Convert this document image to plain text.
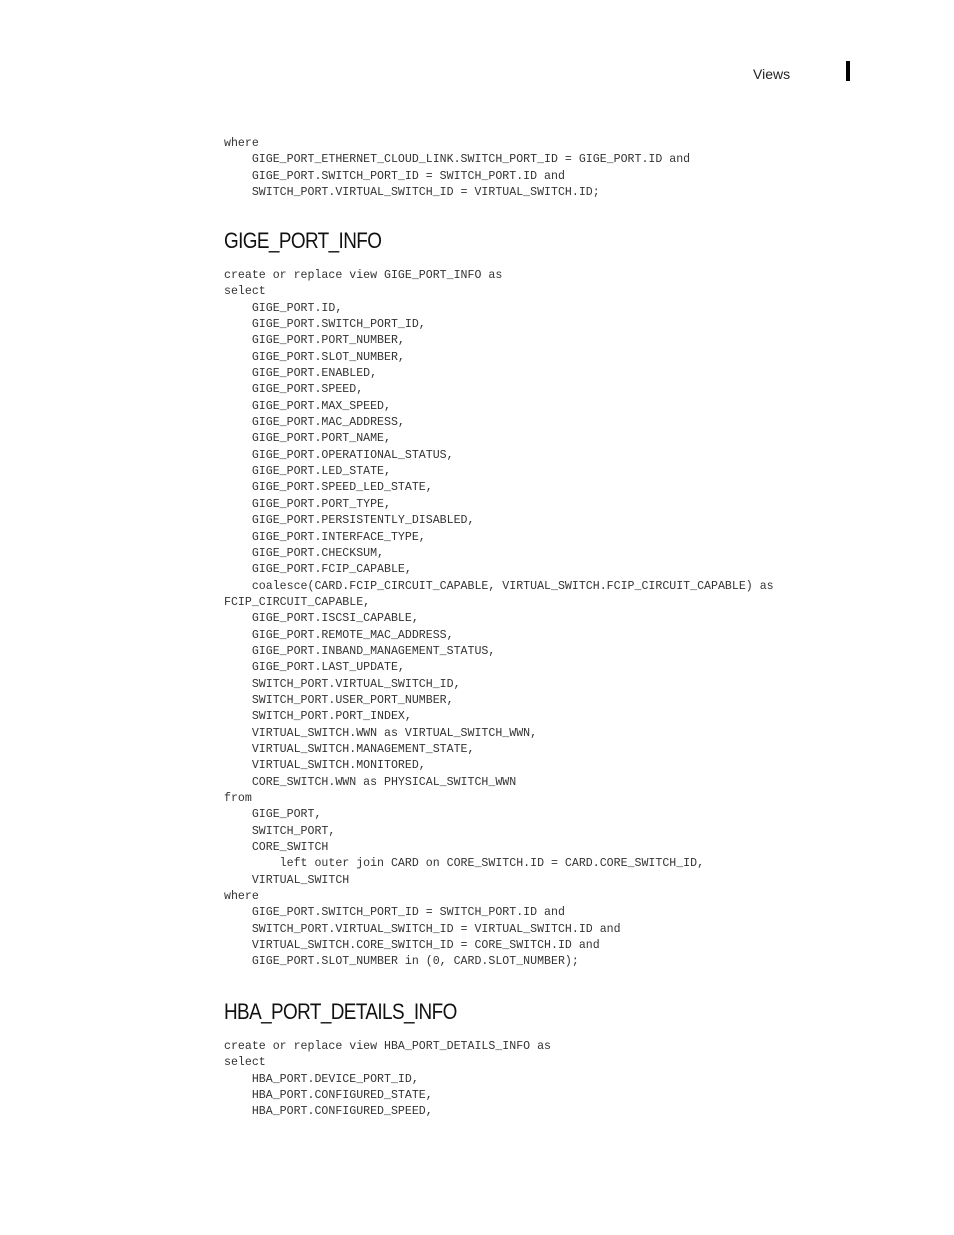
Views
where
GIGE_PORT_ETHERNET_CLOUD_LINK.SWITCH_PORT_ID = GIGE_PORT.ID and
GIGE_PORT.SWITCH_PORT_ID = SWITCH_PORT.ID and
SWITCH_PORT.VIRTUAL_SWITCH_ID = VIRTUAL_SWITCH.ID;
GIGE_PORT_INFO
create or replace view GIGE_PORT_INFO as
select
GIGE_PORT.ID,
GIGE_PORT.SWITCH_PORT_ID,
GIGE_PORT.PORT_NUMBER,
GIGE_PORT.SLOT_NUMBER,
GIGE_PORT.ENABLED,
GIGE_PORT.SPEED,
GIGE_PORT.MAX_SPEED,
GIGE_PORT.MAC_ADDRESS,
GIGE_PORT.PORT_NAME,
GIGE_PORT.OPERATIONAL_STATUS,
GIGE_PORT.LED_STATE,
GIGE_PORT.SPEED_LED_STATE,
GIGE_PORT.PORT_TYPE,
GIGE_PORT.PERSISTENTLY_DISABLED,
GIGE_PORT.INTERFACE_TYPE,
GIGE_PORT.CHECKSUM,
GIGE_PORT.FCIP_CAPABLE,
coalesce(CARD.FCIP_CIRCUIT_CAPABLE, VIRTUAL_SWITCH.FCIP_CIRCUIT_CAPABLE) as
FCIP_CIRCUIT_CAPABLE,
GIGE_PORT.ISCSI_CAPABLE,
GIGE_PORT.REMOTE_MAC_ADDRESS,
GIGE_PORT.INBAND_MANAGEMENT_STATUS,
GIGE_PORT.LAST_UPDATE,
SWITCH_PORT.VIRTUAL_SWITCH_ID,
SWITCH_PORT.USER_PORT_NUMBER,
SWITCH_PORT.PORT_INDEX,
VIRTUAL_SWITCH.WWN as VIRTUAL_SWITCH_WWN,
VIRTUAL_SWITCH.MANAGEMENT_STATE,
VIRTUAL_SWITCH.MONITORED,
CORE_SWITCH.WWN as PHYSICAL_SWITCH_WWN
from
GIGE_PORT,
SWITCH_PORT,
CORE_SWITCH
left outer join CARD on CORE_SWITCH.ID = CARD.CORE_SWITCH_ID,
VIRTUAL_SWITCH
where
GIGE_PORT.SWITCH_PORT_ID = SWITCH_PORT.ID and
SWITCH_PORT.VIRTUAL_SWITCH_ID = VIRTUAL_SWITCH.ID and
VIRTUAL_SWITCH.CORE_SWITCH_ID = CORE_SWITCH.ID and
GIGE_PORT.SLOT_NUMBER in (0, CARD.SLOT_NUMBER);
HBA_PORT_DETAILS_INFO
create or replace view HBA_PORT_DETAILS_INFO as
select
HBA_PORT.DEVICE_PORT_ID,
HBA_PORT.CONFIGURED_STATE,
HBA_PORT.CONFIGURED_SPEED,
